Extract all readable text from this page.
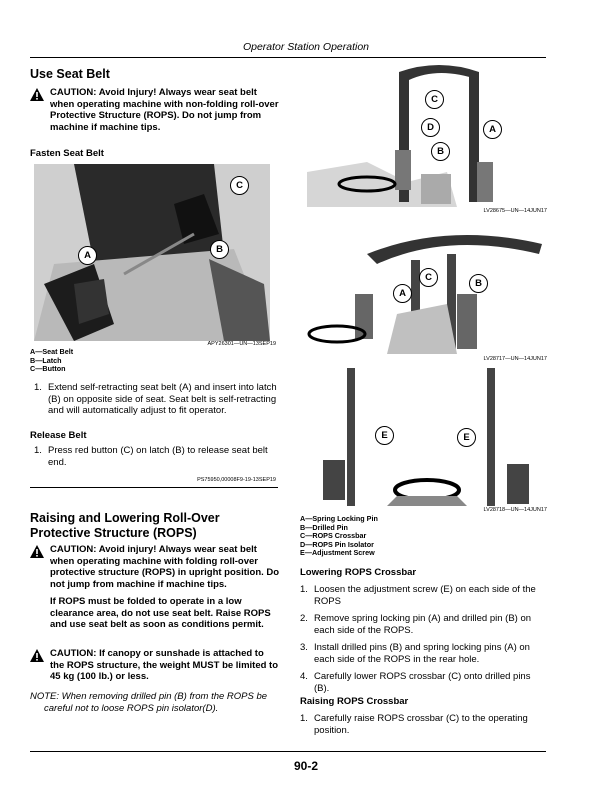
Operator Station Operation
Use Seat Belt
CAUTION: Avoid Injury! Always wear seat belt when operating machine with non-folding roll-over Protective Structure (ROPS). Do not jump from machine if machine tips.
Fasten Seat Belt
C
B
A
APY26301—UN—13SEP19
A—Seat Belt
B—Latch
C—Button
1. Extend self-retracting seat belt (A) and insert into latch (B) on opposite side of seat. Seat belt is self-retracting and will automatically adjust to fit operator.
Release Belt
1. Press red button (C) on latch (B) to release seat belt end.
PS75950,00008F9-19-13SEP19
Raising and Lowering Roll-Over Protective Structure (ROPS)
CAUTION: Avoid injury! Always wear seat belt when operating machine with folding roll-over protective structure (ROPS) in upright position. Do not jump from machine if machine tips.
If ROPS must be folded to operate in a low clearance area, do not use seat belt. Raise ROPS and use seat belt as soon as conditions permit.
CAUTION: If canopy or sunshade is attached to the ROPS structure, the weight MUST be limited to 45 kg (100 lb.) or less.
NOTE: When removing drilled pin (B) from the ROPS be careful not to loose ROPS pin isolator(D).
C
D	A
B
LV28675—UN—14JUN17
C
A
B
LV28717—UN—14JUN17
E	E
LV28718—UN—14JUN17
A—Spring Locking Pin
B—Drilled Pin
C—ROPS Crossbar
D—ROPS Pin Isolator
E—Adjustment Screw
Lowering ROPS Crossbar
1. Loosen the adjustment screw (E) on each side of the ROPS
2. Remove spring locking pin (A) and drilled pin (B) on each side of the ROPS.
3. Install drilled pins (B) and spring locking pins (A) on each side of the ROPS in the rear hole.
4. Carefully lower ROPS crossbar (C) onto drilled pins (B).
Raising ROPS Crossbar
1. Carefully raise ROPS crossbar (C) to the operating position.
90-2
